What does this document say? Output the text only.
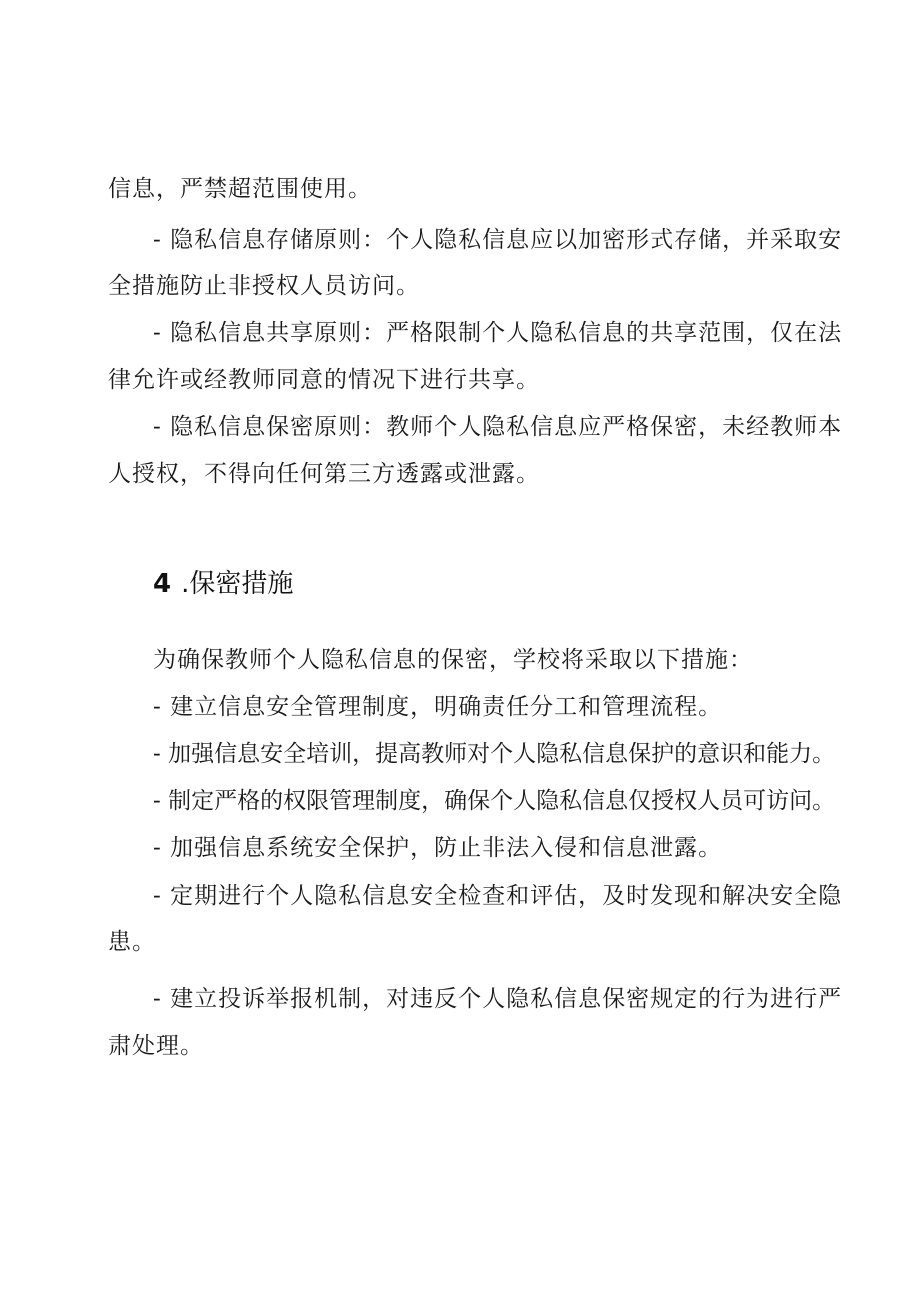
信息，严禁超范围使用。
- 隐私信息存储原则：个人隐私信息应以加密形式存储，并采取安
全措施防止非授权人员访问。
- 隐私信息共享原则：严格限制个人隐私信息的共享范围，仅在法
律允许或经教师同意的情况下进行共享。
- 隐私信息保密原则：教师个人隐私信息应严格保密，未经教师本
人授权，不得向任何第三方透露或泄露。
4 .保密措施
为确保教师个人隐私信息的保密，学校将采取以下措施：
- 建立信息安全管理制度，明确责任分工和管理流程。
- 加强信息安全培训，提高教师对个人隐私信息保护的意识和能力。
- 制定严格的权限管理制度，确保个人隐私信息仅授权人员可访问。
- 加强信息系统安全保护，防止非法入侵和信息泄露。
- 定期进行个人隐私信息安全检查和评估，及时发现和解决安全隐
患。
- 建立投诉举报机制，对违反个人隐私信息保密规定的行为进行严
肃处理。
